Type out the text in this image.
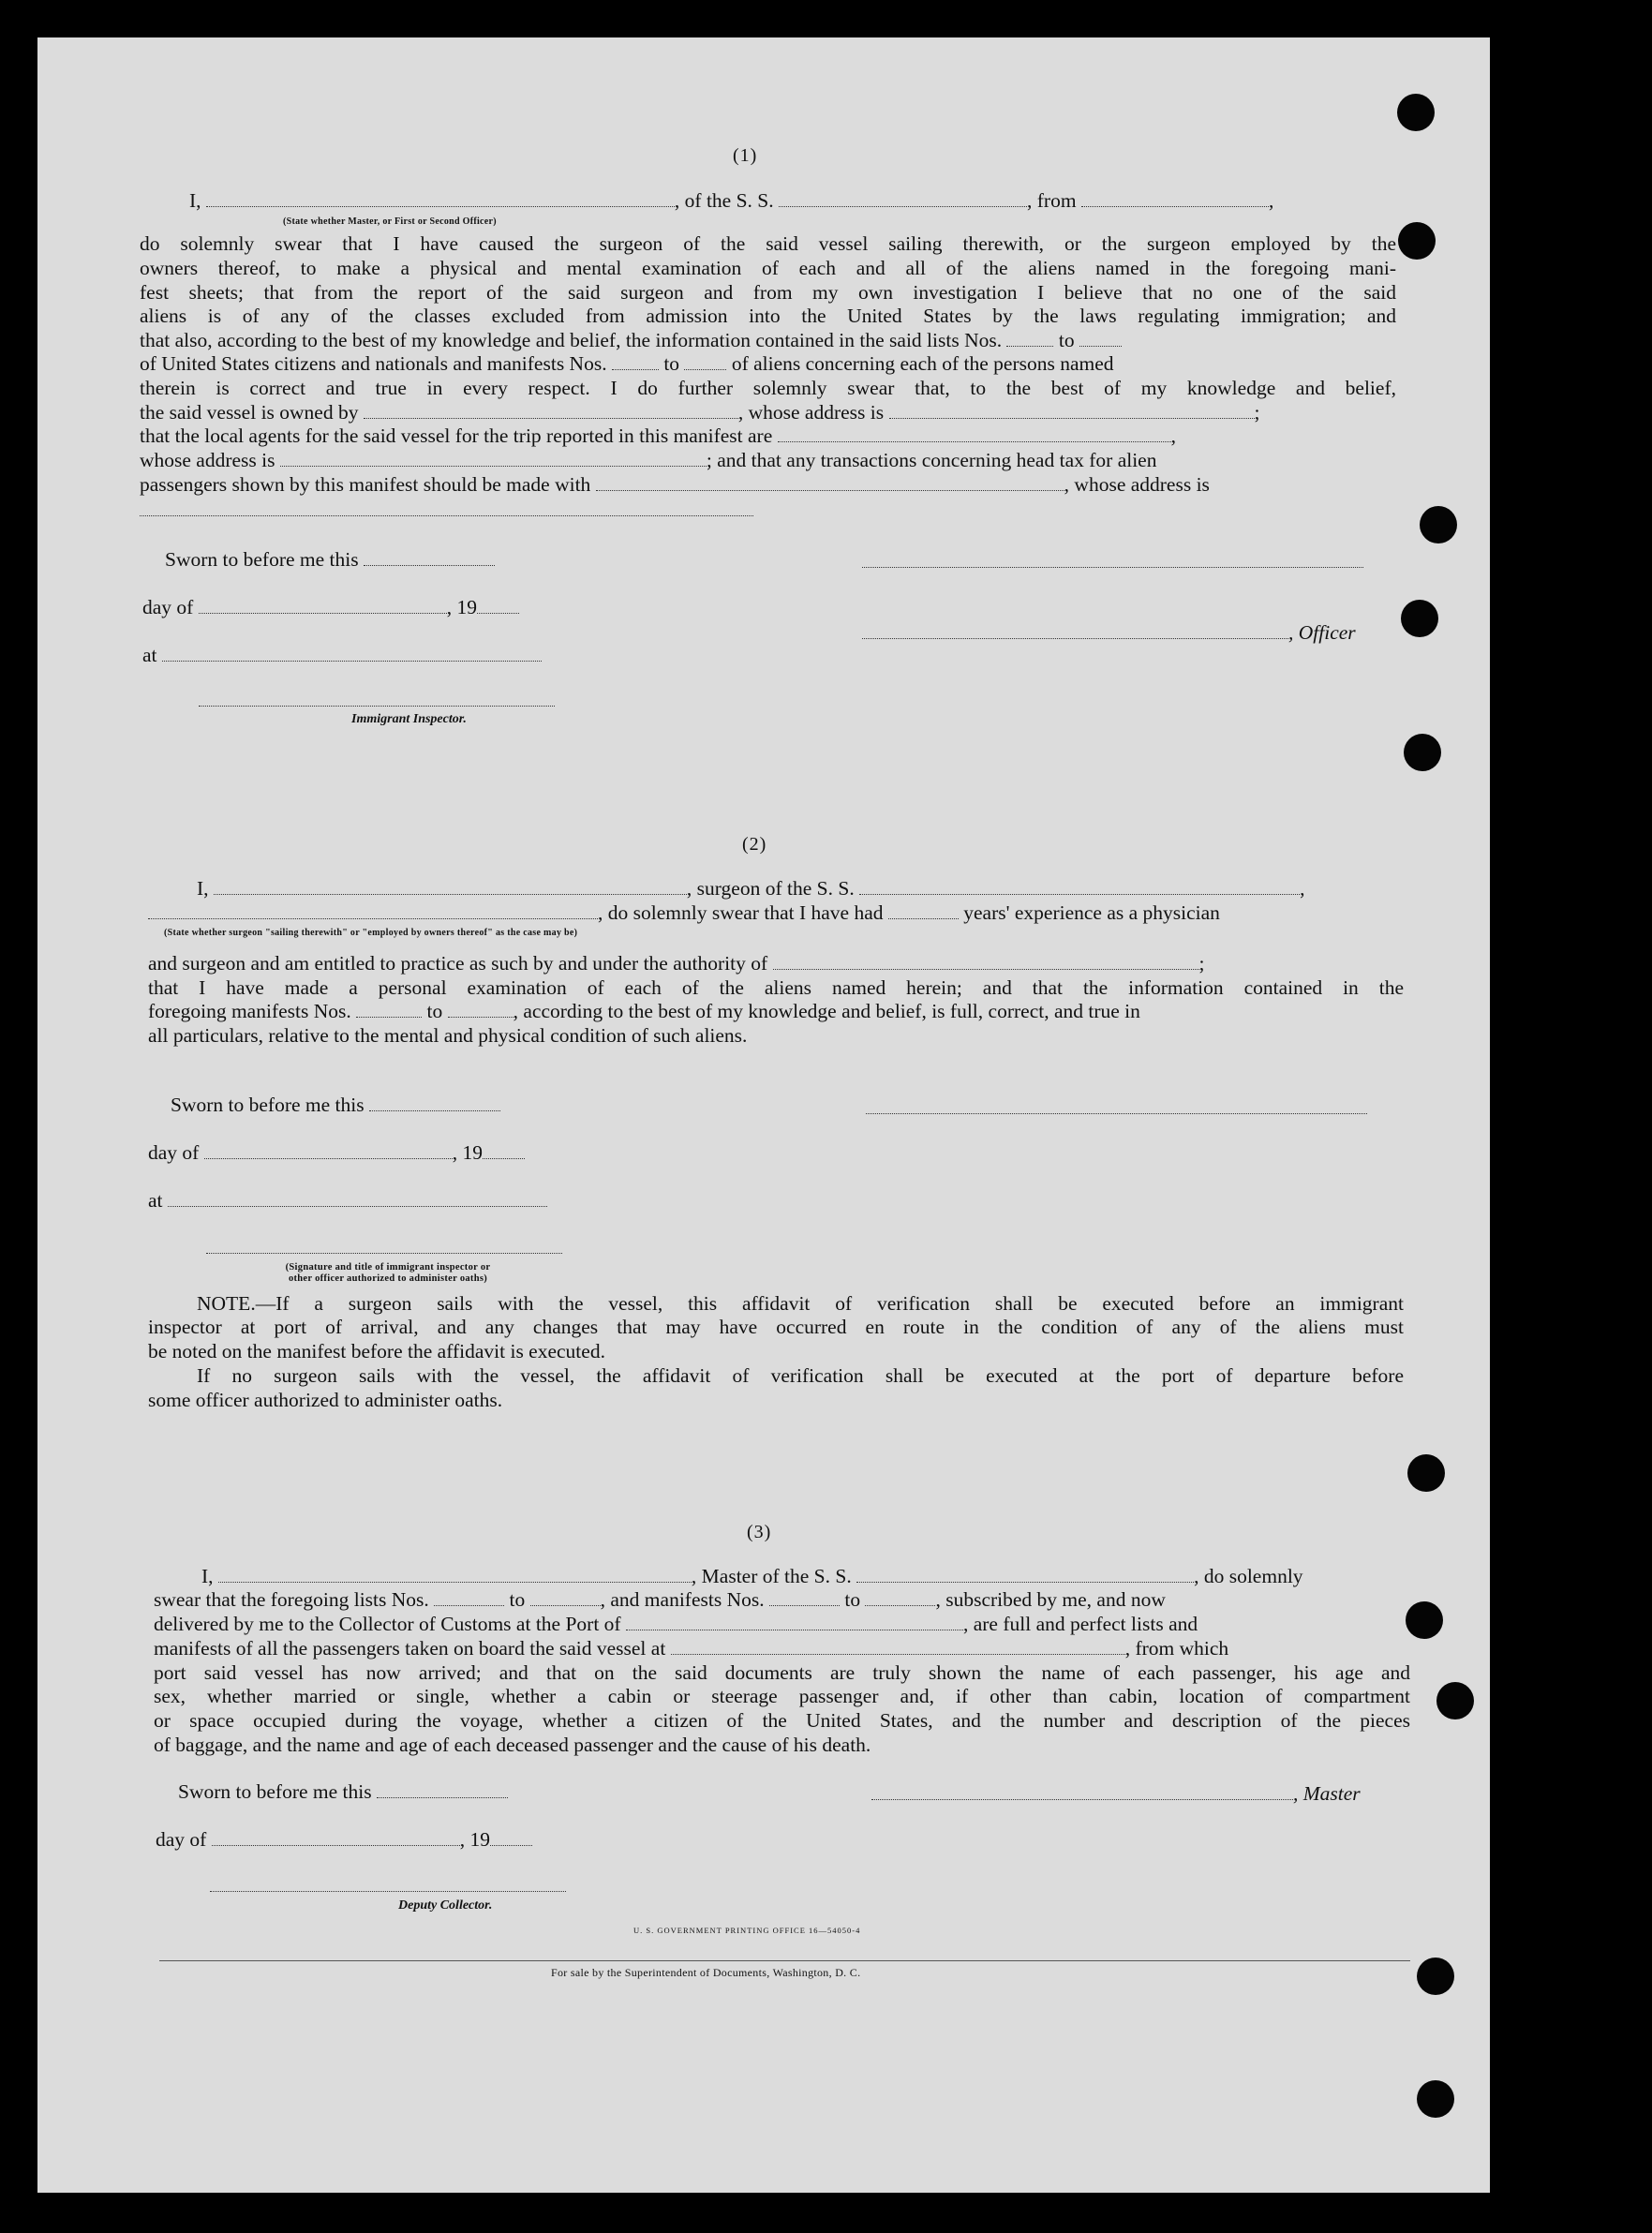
(1)
I,	, of the S. S.	, from	,
(State whether Master, or First or Second Officer)
do solemnly swear that I have caused the surgeon of the said vessel sailing therewith, or the surgeon employed by the
owners thereof, to make a physical and mental examination of each and all of the aliens named in the foregoing mani-
fest sheets; that from the report of the said surgeon and from my own investigation I believe that no one of the said
aliens is of any of the classes excluded from admission into the United States by the laws regulating immigration; and
that also, according to the best of my knowledge and belief, the information contained in the said lists Nos.	to
of United States citizens and nationals and manifests Nos.	to	of aliens concerning each of the persons named
therein is correct and true in every respect. I do further solemnly swear that, to the best of my knowledge and belief,
the said vessel is owned by	, whose address is	;
that the local agents for the said vessel for the trip reported in this manifest are	,
whose address is	; and that any transactions concerning head tax for alien
passengers shown by this manifest should be made with	, whose address is
Sworn to before me this
day of	, 19
, Officer
at
Immigrant Inspector.
(2)
I,	, surgeon of the S. S.	,
, do solemnly swear that I have had	years' experience as a physician
(State whether surgeon "sailing therewith" or "employed by owners thereof" as the case may be)
and surgeon and am entitled to practice as such by and under the authority of	;
that I have made a personal examination of each of the aliens named herein; and that the information contained in the
foregoing manifests Nos.	to	, according to the best of my knowledge and belief, is full, correct, and true in
all particulars, relative to the mental and physical condition of such aliens.
Sworn to before me this
day of	, 19
at
(Signature and title of immigrant inspector or
other officer authorized to administer oaths)
NOTE.—If a surgeon sails with the vessel, this affidavit of verification shall be executed before an immigrant
inspector at port of arrival, and any changes that may have occurred en route in the condition of any of the aliens must
be noted on the manifest before the affidavit is executed.
If no surgeon sails with the vessel, the affidavit of verification shall be executed at the port of departure before
some officer authorized to administer oaths.
(3)
I,	, Master of the S. S.	, do solemnly
swear that the foregoing lists Nos.	to	, and manifests Nos.	to	, subscribed by me, and now
delivered by me to the Collector of Customs at the Port of	, are full and perfect lists and
manifests of all the passengers taken on board the said vessel at	, from which
port said vessel has now arrived; and that on the said documents are truly shown the name of each passenger, his age and
sex, whether married or single, whether a cabin or steerage passenger and, if other than cabin, location of compartment
or space occupied during the voyage, whether a citizen of the United States, and the number and description of the pieces
of baggage, and the name and age of each deceased passenger and the cause of his death.
Sworn to before me this	, Master
day of	, 19
Deputy Collector.
U. S. GOVERNMENT PRINTING OFFICE 16—54050-4
For sale by the Superintendent of Documents, Washington, D. C.
